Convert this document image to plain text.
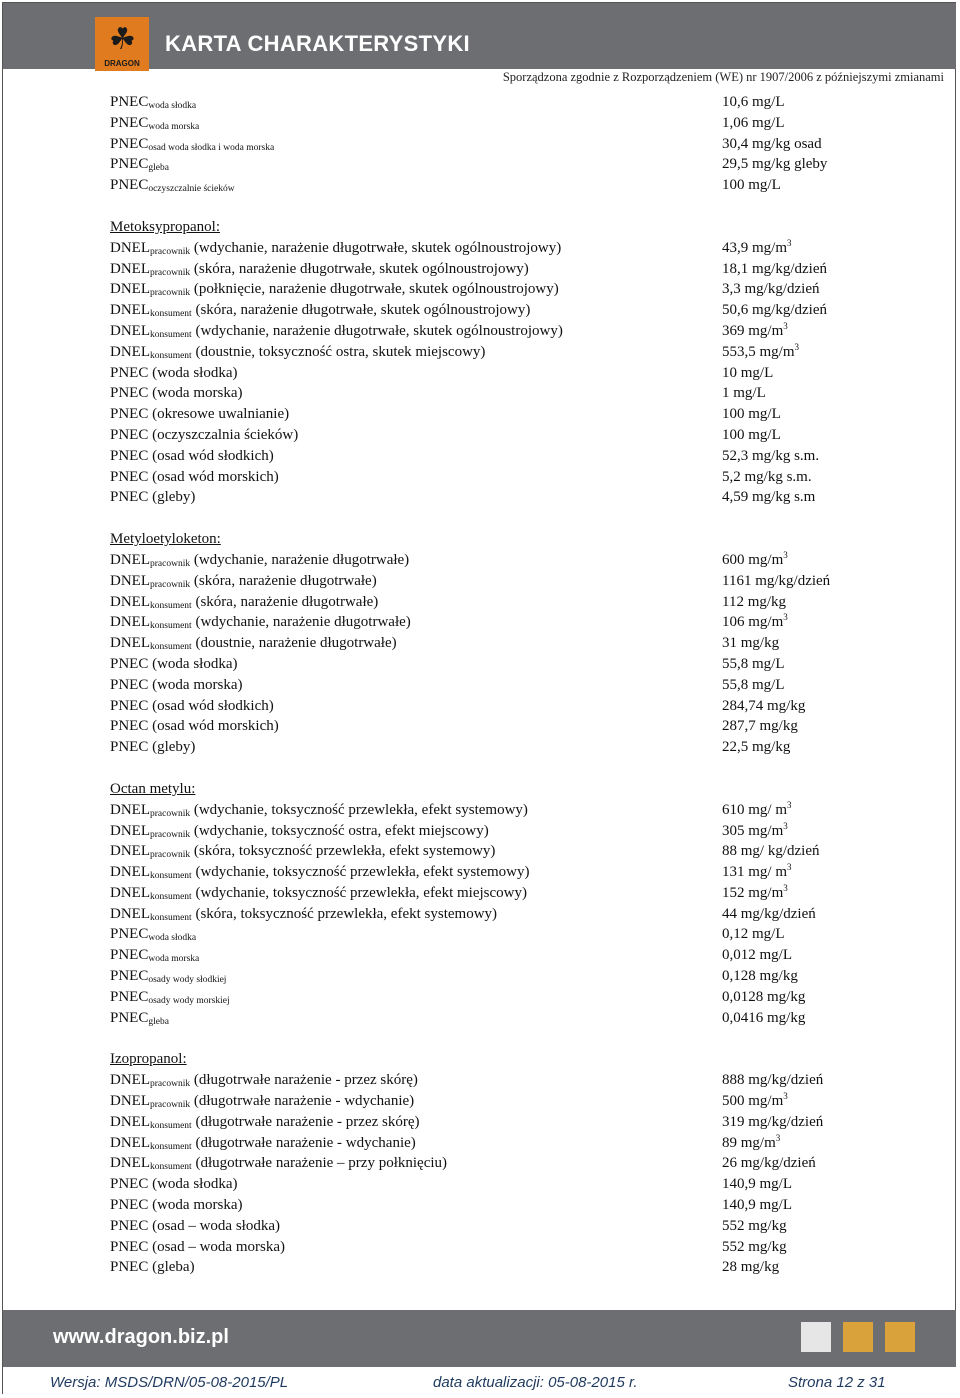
☘
DRAGON
KARTA CHARAKTERYSTYKI
Sporządzona zgodnie z Rozporządzeniem (WE) nr 1907/2006 z późniejszymi zmianami
$PNEC_{woda słodka}$	10,6 mg/L
$PNEC_{woda morska}$	1,06 mg/L
$PNEC_{osad woda słodka i woda morska}$	30,4 mg/kg osad
$PNEC_{gleba}$	29,5 mg/kg gleby
$PNEC_{oczyszczalnie ścieków}$	100 mg/L
Metoksypropanol:
$DNEL_{pracownik}$ (wdychanie, narażenie długotrwałe, skutek ogólnoustrojowy)	43,9 $mg/m^3$
$DNEL_{pracownik}$ (skóra, narażenie długotrwałe, skutek ogólnoustrojowy)	18,1 mg/kg/dzień
$DNEL_{pracownik}$ (połknięcie, narażenie długotrwałe, skutek ogólnoustrojowy)	3,3 mg/kg/dzień
$DNEL_{konsument}$ (skóra, narażenie długotrwałe, skutek ogólnoustrojowy)	50,6 mg/kg/dzień
$DNEL_{konsument}$ (wdychanie, narażenie długotrwałe, skutek ogólnoustrojowy)	369 $mg/m^3$
$DNEL_{konsument}$ (doustnie, toksyczność ostra, skutek miejscowy)	553,5 $mg/m^3$
PNEC (woda słodka)	10 mg/L
PNEC (woda morska)	1 mg/L
PNEC (okresowe uwalnianie)	100 mg/L
PNEC (oczyszczalnia ścieków)	100 mg/L
PNEC (osad wód słodkich)	52,3 mg/kg s.m.
PNEC (osad wód morskich)	5,2 mg/kg s.m.
PNEC (gleby)	4,59 mg/kg s.m
Metyloetyloketon:
$DNEL_{pracownik}$ (wdychanie, narażenie długotrwałe)	600 $mg/m^3$
$DNEL_{pracownik}$ (skóra, narażenie długotrwałe)	1161 mg/kg/dzień
$DNEL_{konsument}$ (skóra, narażenie długotrwałe)	112 mg/kg
$DNEL_{konsument}$ (wdychanie, narażenie długotrwałe)	106 $mg/m^3$
$DNEL_{konsument}$ (doustnie, narażenie długotrwałe)	31 mg/kg
PNEC (woda słodka)	55,8 mg/L
PNEC (woda morska)	55,8 mg/L
PNEC (osad wód słodkich)	284,74 mg/kg
PNEC (osad wód morskich)	287,7 mg/kg
PNEC (gleby)	22,5 mg/kg
Octan metylu:
$DNEL_{pracownik}$ (wdychanie, toksyczność przewlekła, efekt systemowy)	610 mg/ $m^3$
$DNEL_{pracownik}$ (wdychanie, toksyczność ostra, efekt miejscowy)	305 $mg/m^3$
$DNEL_{pracownik}$ (skóra, toksyczność przewlekła, efekt systemowy)	88 mg/ kg/dzień
$DNEL_{konsument}$ (wdychanie, toksyczność przewlekła, efekt systemowy)	131 mg/ $m^3$
$DNEL_{konsument}$ (wdychanie, toksyczność przewlekła, efekt miejscowy)	152 $mg/m^3$
$DNEL_{konsument}$ (skóra, toksyczność przewlekła, efekt systemowy)	44 mg/kg/dzień
$PNEC_{woda słodka}$	0,12 mg/L
$PNEC_{woda morska}$	0,012 mg/L
$PNEC_{osady wody słodkiej}$	0,128 mg/kg
$PNEC_{osady wody morskiej}$	0,0128 mg/kg
$PNEC_{gleba}$	0,0416 mg/kg
Izopropanol:
$DNEL_{pracownik}$ (długotrwałe narażenie - przez skórę)	888 mg/kg/dzień
$DNEL_{pracownik}$ (długotrwałe narażenie - wdychanie)	500 $mg/m^3$
$DNEL_{konsument}$ (długotrwałe narażenie - przez skórę)	319 mg/kg/dzień
$DNEL_{konsument}$ (długotrwałe narażenie - wdychanie)	89 $mg/m^3$
$DNEL_{konsument}$ (długotrwałe narażenie – przy połknięciu)	26 mg/kg/dzień
PNEC (woda słodka)	140,9 mg/L
PNEC (woda morska)	140,9 mg/L
PNEC (osad – woda słodka)	552 mg/kg
PNEC (osad – woda morska)	552 mg/kg
PNEC (gleba)	28 mg/kg
www.dragon.biz.pl
Wersja: MSDS/DRN/05-08-2015/PL	data aktualizacji: 05-08-2015 r.	Strona 12 z 31
